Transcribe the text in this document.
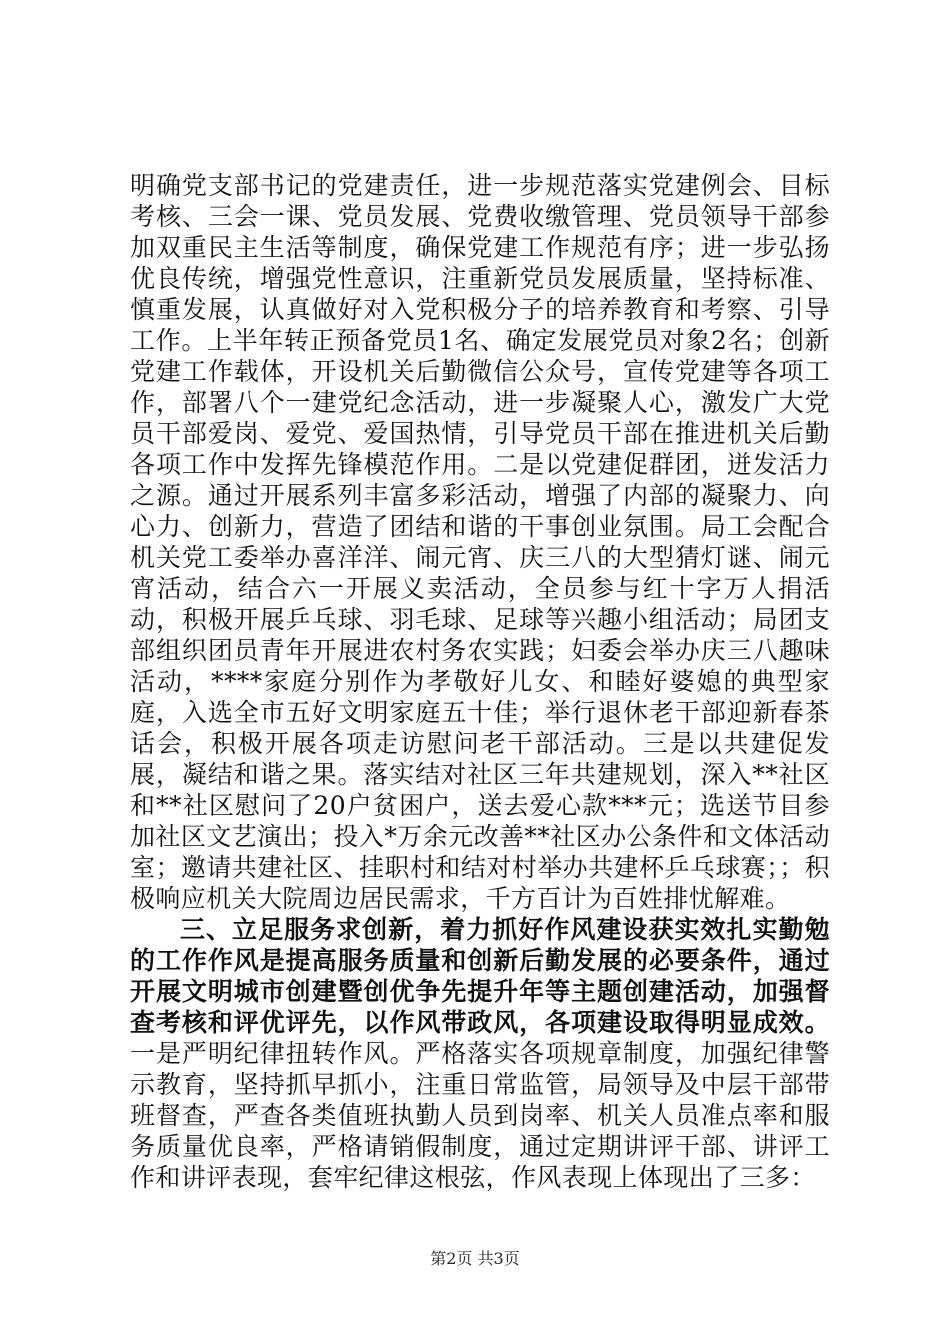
明确党支部书记的党建责任，进一步规范落实党建例会、目标考核、三会一课、党员发展、党费收缴管理、党员领导干部参加双重民主生活等制度，确保党建工作规范有序；进一步弘扬优良传统，增强党性意识，注重新党员发展质量，坚持标准、慎重发展，认真做好对入党积极分子的培养教育和考察、引导工作。上半年转正预备党员1名、确定发展党员对象2名；创新党建工作载体，开设机关后勤微信公众号，宣传党建等各项工作，部署八个一建党纪念活动，进一步凝聚人心，激发广大党员干部爱岗、爱党、爱国热情，引导党员干部在推进机关后勤各项工作中发挥先锋模范作用。二是以党建促群团，迸发活力之源。通过开展系列丰富多彩活动，增强了内部的凝聚力、向心力、创新力，营造了团结和谐的干事创业氛围。局工会配合机关党工委举办喜洋洋、闹元宵、庆三八的大型猜灯谜、闹元宵活动，结合六一开展义卖活动，全员参与红十字万人捐活动，积极开展乒乓球、羽毛球、足球等兴趣小组活动；局团支部组织团员青年开展进农村务农实践；妇委会举办庆三八趣味活动，****家庭分别作为孝敬好儿女、和睦好婆媳的典型家庭，入选全市五好文明家庭五十佳；举行退休老干部迎新春茶话会，积极开展各项走访慰问老干部活动。三是以共建促发展，凝结和谐之果。落实结对社区三年共建规划，深入**社区和**社区慰问了20户贫困户，送去爱心款***元；选送节目参加社区文艺演出；投入*万余元改善**社区办公条件和文体活动室；邀请共建社区、挂职村和结对村举办共建杯乒乓球赛；；积极响应机关大院周边居民需求，千方百计为百姓排忧解难。

三、立足服务求创新，着力抓好作风建设获实效扎实勤勉的工作作风是提高服务质量和创新后勤发展的必要条件，通过开展文明城市创建暨创优争先提升年等主题创建活动，加强督查考核和评优评先，以作风带政风，各项建设取得明显成效。一是严明纪律扭转作风。严格落实各项规章制度，加强纪律警示教育，坚持抓早抓小，注重日常监管，局领导及中层干部带班督查，严查各类值班执勤人员到岗率、机关人员准点率和服务质量优良率，严格请销假制度，通过定期讲评干部、讲评工作和讲评表现，套牢纪律这根弦，作风表现上体现出了三多：

第2页 共3页
